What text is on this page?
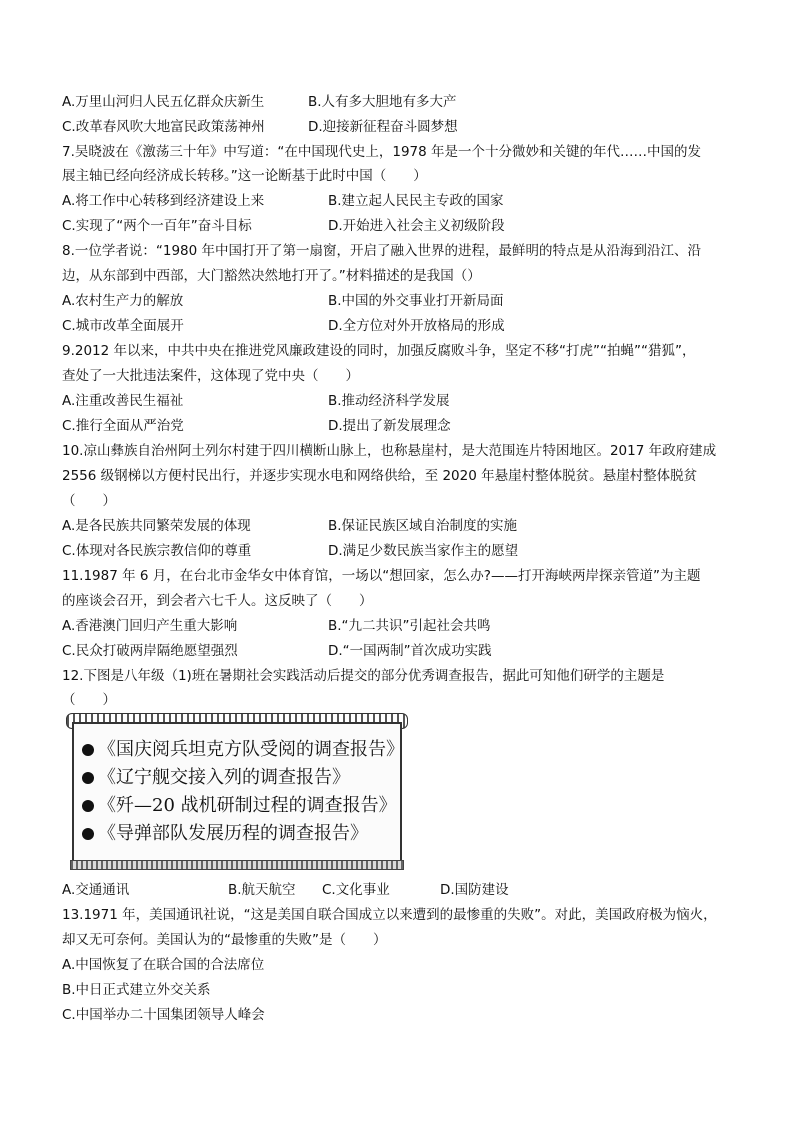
A.万里山河归人民五亿群众庆新生	B.人有多大胆地有多大产
C.改革春风吹大地富民政策荡神州	D.迎接新征程奋斗圆梦想
7.吴晓波在《激荡三十年》中写道：“在中国现代史上，1978 年是一个十分微妙和关键的年代……中国的发
展主轴已经向经济成长转移。”这一论断基于此时中国（　　）
A.将工作中心转移到经济建设上来	B.建立起人民民主专政的国家
C.实现了“两个一百年”奋斗目标	D.开始进入社会主义初级阶段
8.一位学者说：“1980 年中国打开了第一扇窗，开启了融入世界的进程，最鲜明的特点是从沿海到沿江、沿
边，从东部到中西部，大门豁然决然地打开了。”材料描述的是我国（）
A.农村生产力的解放	B.中国的外交事业打开新局面
C.城市改革全面展开	D.全方位对外开放格局的形成
9.2012 年以来，中共中央在推进党风廉政建设的同时，加强反腐败斗争，坚定不移“打虎”“拍蝇”“猎狐”，
查处了一大批违法案件，这体现了党中央（　　）
A.注重改善民生福祉	B.推动经济科学发展
C.推行全面从严治党	D.提出了新发展理念
10.凉山彝族自治州阿土列尔村建于四川横断山脉上，也称悬崖村，是大范围连片特困地区。2017 年政府建成
2556 级钢梯以方便村民出行，并逐步实现水电和网络供给，至 2020 年悬崖村整体脱贫。悬崖村整体脱贫
（　　）
A.是各民族共同繁荣发展的体现	B.保证民族区域自治制度的实施
C.体现对各民族宗教信仰的尊重	D.满足少数民族当家作主的愿望
11.1987 年 6 月，在台北市金华女中体育馆，一场以“想回家，怎么办?——打开海峡两岸探亲管道”为主题
的座谈会召开，到会者六七千人。这反映了（　　）
A.香港澳门回归产生重大影响	B.“九二共识”引起社会共鸣
C.民众打破两岸隔绝愿望强烈	D.“一国两制”首次成功实践
12.下图是八年级（1)班在暑期社会实践活动后提交的部分优秀调查报告，据此可知他们研学的主题是
（　　）
《国庆阅兵坦克方队受阅的调查报告》
《辽宁舰交接入列的调查报告》
《歼—20 战机研制过程的调查报告》
《导弹部队发展历程的调查报告》
A.交通通讯	B.航天航空 C.文化事业	D.国防建设
13.1971 年，美国通讯社说，“这是美国自联合国成立以来遭到的最惨重的失败”。对此，美国政府极为恼火，
却又无可奈何。美国认为的“最惨重的失败”是（　　）
A.中国恢复了在联合国的合法席位
B.中日正式建立外交关系
C.中国举办二十国集团领导人峰会
